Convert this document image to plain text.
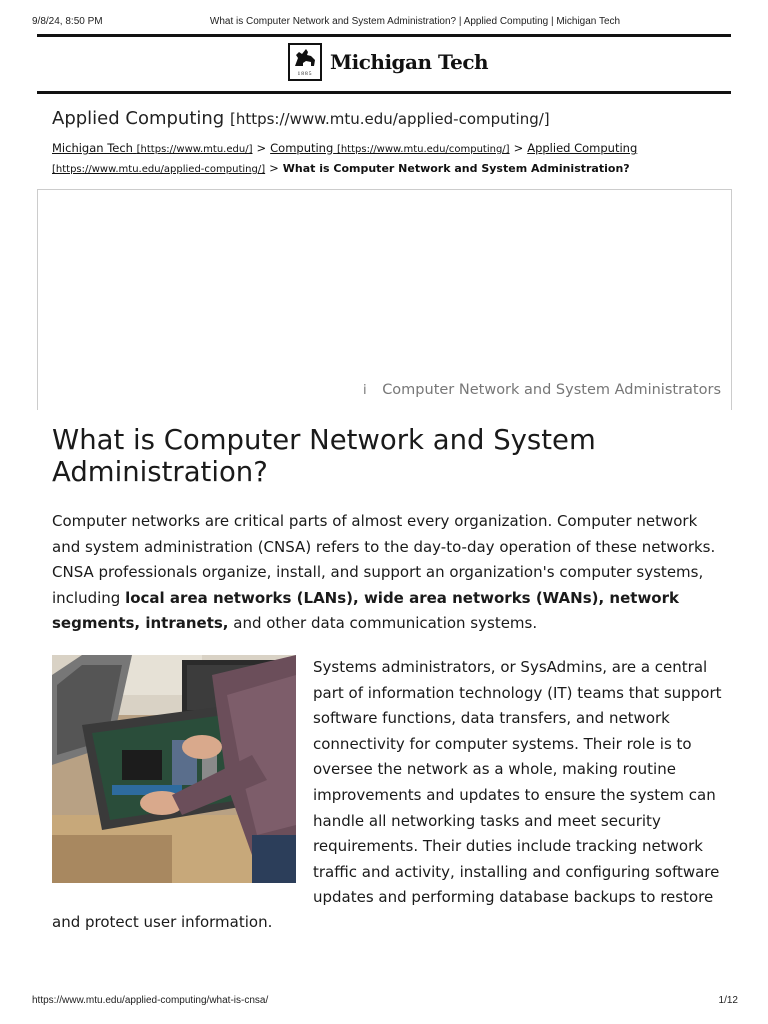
9/8/24, 8:50 PM	What is Computer Network and System Administration? | Applied Computing | Michigan Tech
1885 Michigan Tech
Applied Computing [https://www.mtu.edu/applied-computing/]
Michigan Tech [https://www.mtu.edu/] > Computing [https://www.mtu.edu/computing/] > Applied Computing [https://www.mtu.edu/applied-computing/] > What is Computer Network and System Administration?
i Computer Network and System Administrators
What is Computer Network and System Administration?

Computer networks are critical parts of almost every organization. Computer network and system administration (CNSA) refers to the day-to-day operation of these networks. CNSA professionals organize, install, and support an organization's computer systems, including local area networks (LANs), wide area networks (WANs), network segments, intranets, and other data communication systems.

Systems administrators, or SysAdmins, are a central part of information technology (IT) teams that support software functions, data transfers, and network connectivity for computer systems. Their role is to oversee the network as a whole, making routine improvements and updates to ensure the system can handle all networking tasks and meet security requirements. Their duties include tracking network traffic and activity, installing and configuring software updates and performing database backups to restore

and protect user information.

https://www.mtu.edu/applied-computing/what-is-cnsa/	1/12
